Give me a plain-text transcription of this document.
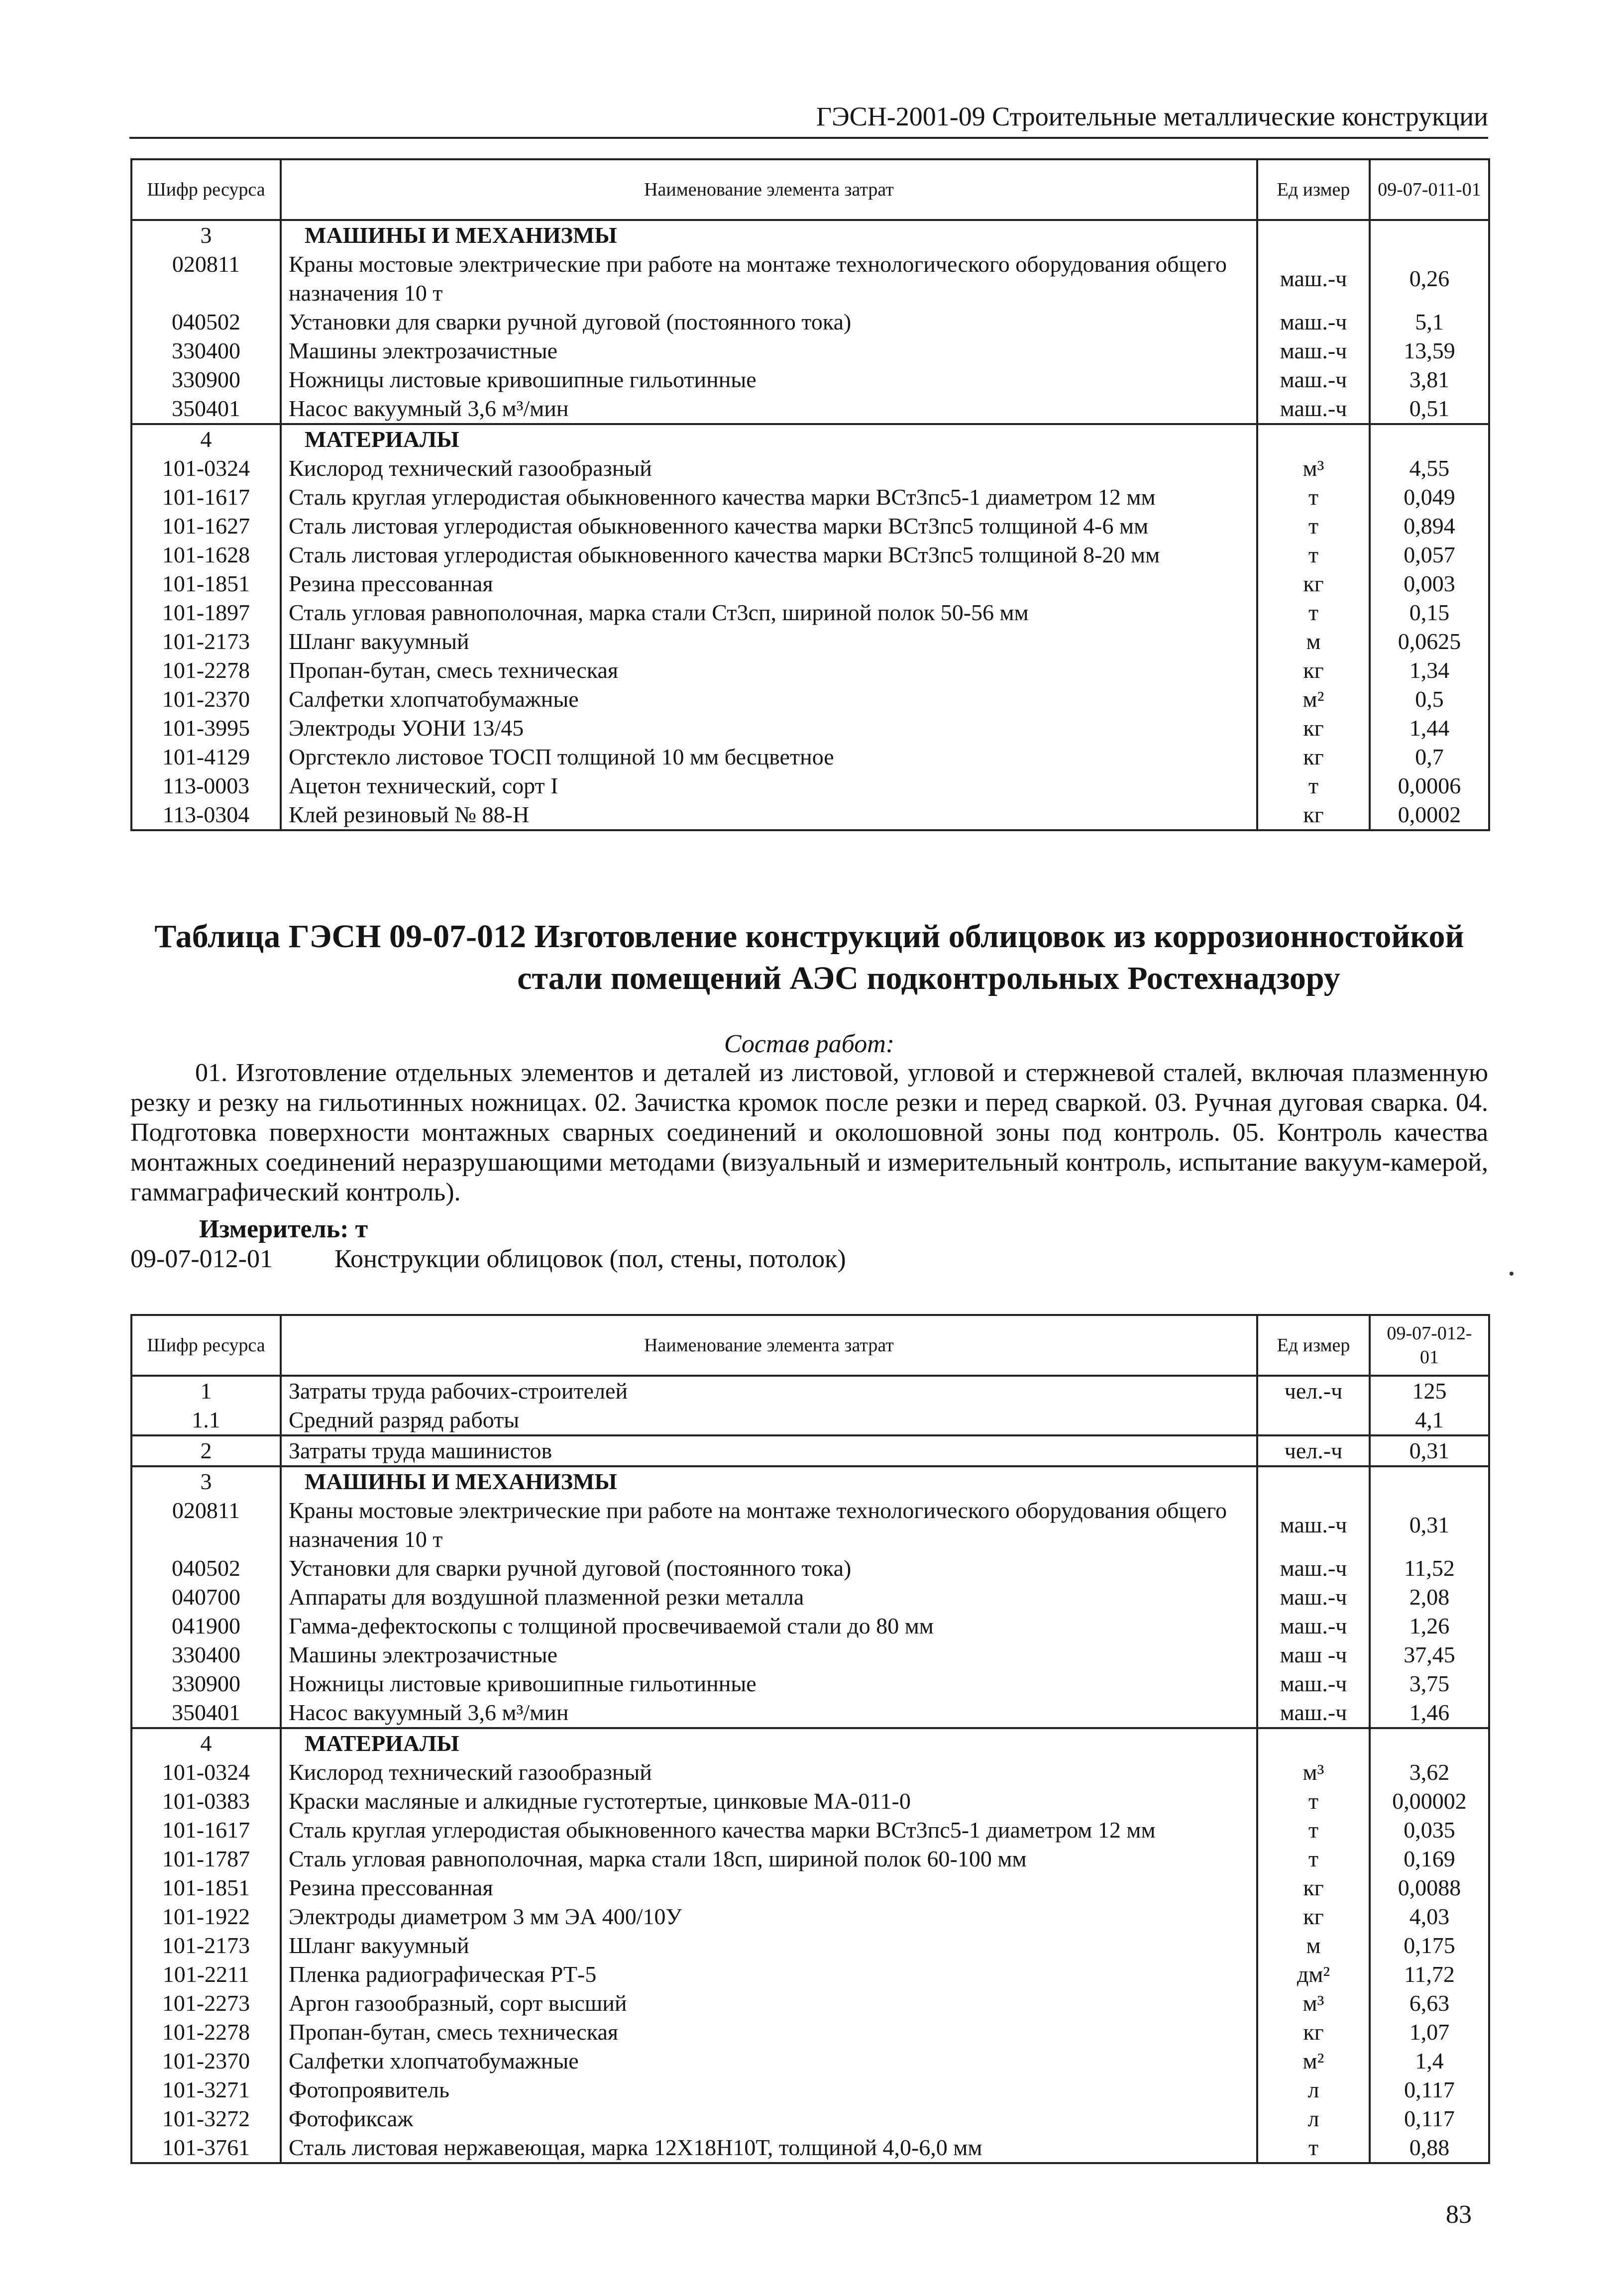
ГЭСН-2001-09 Строительные металлические конструкции
Шифр ресурса	Наименование элемента затрат	Ед измер	09-07-011-01
3	МАШИНЫ И МЕХАНИЗМЫ		
020811	Краны мостовые электрические при работе на монтаже технологического оборудования общего назначения 10 т	маш.-ч	0,26
040502	Установки для сварки ручной дуговой (постоянного тока)	маш.-ч	5,1
330400	Машины электрозачистные	маш.-ч	13,59
330900	Ножницы листовые кривошипные гильотинные	маш.-ч	3,81
350401	Насос вакуумный 3,6 м³/мин	маш.-ч	0,51
4	МАТЕРИАЛЫ		
101-0324	Кислород технический газообразный	м³	4,55
101-1617	Сталь круглая углеродистая обыкновенного качества марки ВСт3пс5-1 диаметром 12 мм	т	0,049
101-1627	Сталь листовая углеродистая обыкновенного качества марки ВСт3пс5 толщиной 4-6 мм	т	0,894
101-1628	Сталь листовая углеродистая обыкновенного качества марки ВСт3пс5 толщиной 8-20 мм	т	0,057
101-1851	Резина прессованная	кг	0,003
101-1897	Сталь угловая равнополочная, марка стали Ст3сп, шириной полок 50-56 мм	т	0,15
101-2173	Шланг вакуумный	м	0,0625
101-2278	Пропан-бутан, смесь техническая	кг	1,34
101-2370	Салфетки хлопчатобумажные	м²	0,5
101-3995	Электроды УОНИ 13/45	кг	1,44
101-4129	Оргстекло листовое ТОСП толщиной 10 мм бесцветное	кг	0,7
113-0003	Ацетон технический, сорт I	т	0,0006
113-0304	Клей резиновый № 88-Н	кг	0,0002
Таблица ГЭСН 09-07-012 Изготовление конструкций облицовок из коррозионностойкой
стали помещений АЭС подконтрольных Ростехнадзору
Состав работ:

01. Изготовление отдельных элементов и деталей из листовой, угловой и стержневой сталей, включая плазменную резку и резку на гильотинных ножницах. 02. Зачистка кромок после резки и перед сваркой. 03. Ручная дуговая сварка. 04. Подготовка поверхности монтажных сварных соединений и околошовной зоны под контроль. 05. Контроль качества монтажных соединений неразрушающими методами (визуальный и измерительный контроль, испытание вакуум-камерой, гаммаграфический контроль).

Измеритель: т
09-07-012-01 Конструкции облицовок (пол, стены, потолок)
Шифр ресурса	Наименование элемента затрат	Ед измер	09-07-012-01
1	Затраты труда рабочих-строителей	чел.-ч	125
1.1	Средний разряд работы		4,1
2	Затраты труда машинистов	чел.-ч	0,31
3	МАШИНЫ И МЕХАНИЗМЫ		
020811	Краны мостовые электрические при работе на монтаже технологического оборудования общего назначения 10 т	маш.-ч	0,31
040502	Установки для сварки ручной дуговой (постоянного тока)	маш.-ч	11,52
040700	Аппараты для воздушной плазменной резки металла	маш.-ч	2,08
041900	Гамма-дефектоскопы с толщиной просвечиваемой стали до 80 мм	маш.-ч	1,26
330400	Машины электрозачистные	маш -ч	37,45
330900	Ножницы листовые кривошипные гильотинные	маш.-ч	3,75
350401	Насос вакуумный 3,6 м³/мин	маш.-ч	1,46
4	МАТЕРИАЛЫ		
101-0324	Кислород технический газообразный	м³	3,62
101-0383	Краски масляные и алкидные густотертые, цинковые МА-011-0	т	0,00002
101-1617	Сталь круглая углеродистая обыкновенного качества марки ВСт3пс5-1 диаметром 12 мм	т	0,035
101-1787	Сталь угловая равнополочная, марка стали 18сп, шириной полок 60-100 мм	т	0,169
101-1851	Резина прессованная	кг	0,0088
101-1922	Электроды диаметром 3 мм ЭА 400/10У	кг	4,03
101-2173	Шланг вакуумный	м	0,175
101-2211	Пленка радиографическая РТ-5	дм²	11,72
101-2273	Аргон газообразный, сорт высший	м³	6,63
101-2278	Пропан-бутан, смесь техническая	кг	1,07
101-2370	Салфетки хлопчатобумажные	м²	1,4
101-3271	Фотопроявитель	л	0,117
101-3272	Фотофиксаж	л	0,117
101-3761	Сталь листовая нержавеющая, марка 12Х18Н10Т, толщиной 4,0-6,0 мм	т	0,88
83
